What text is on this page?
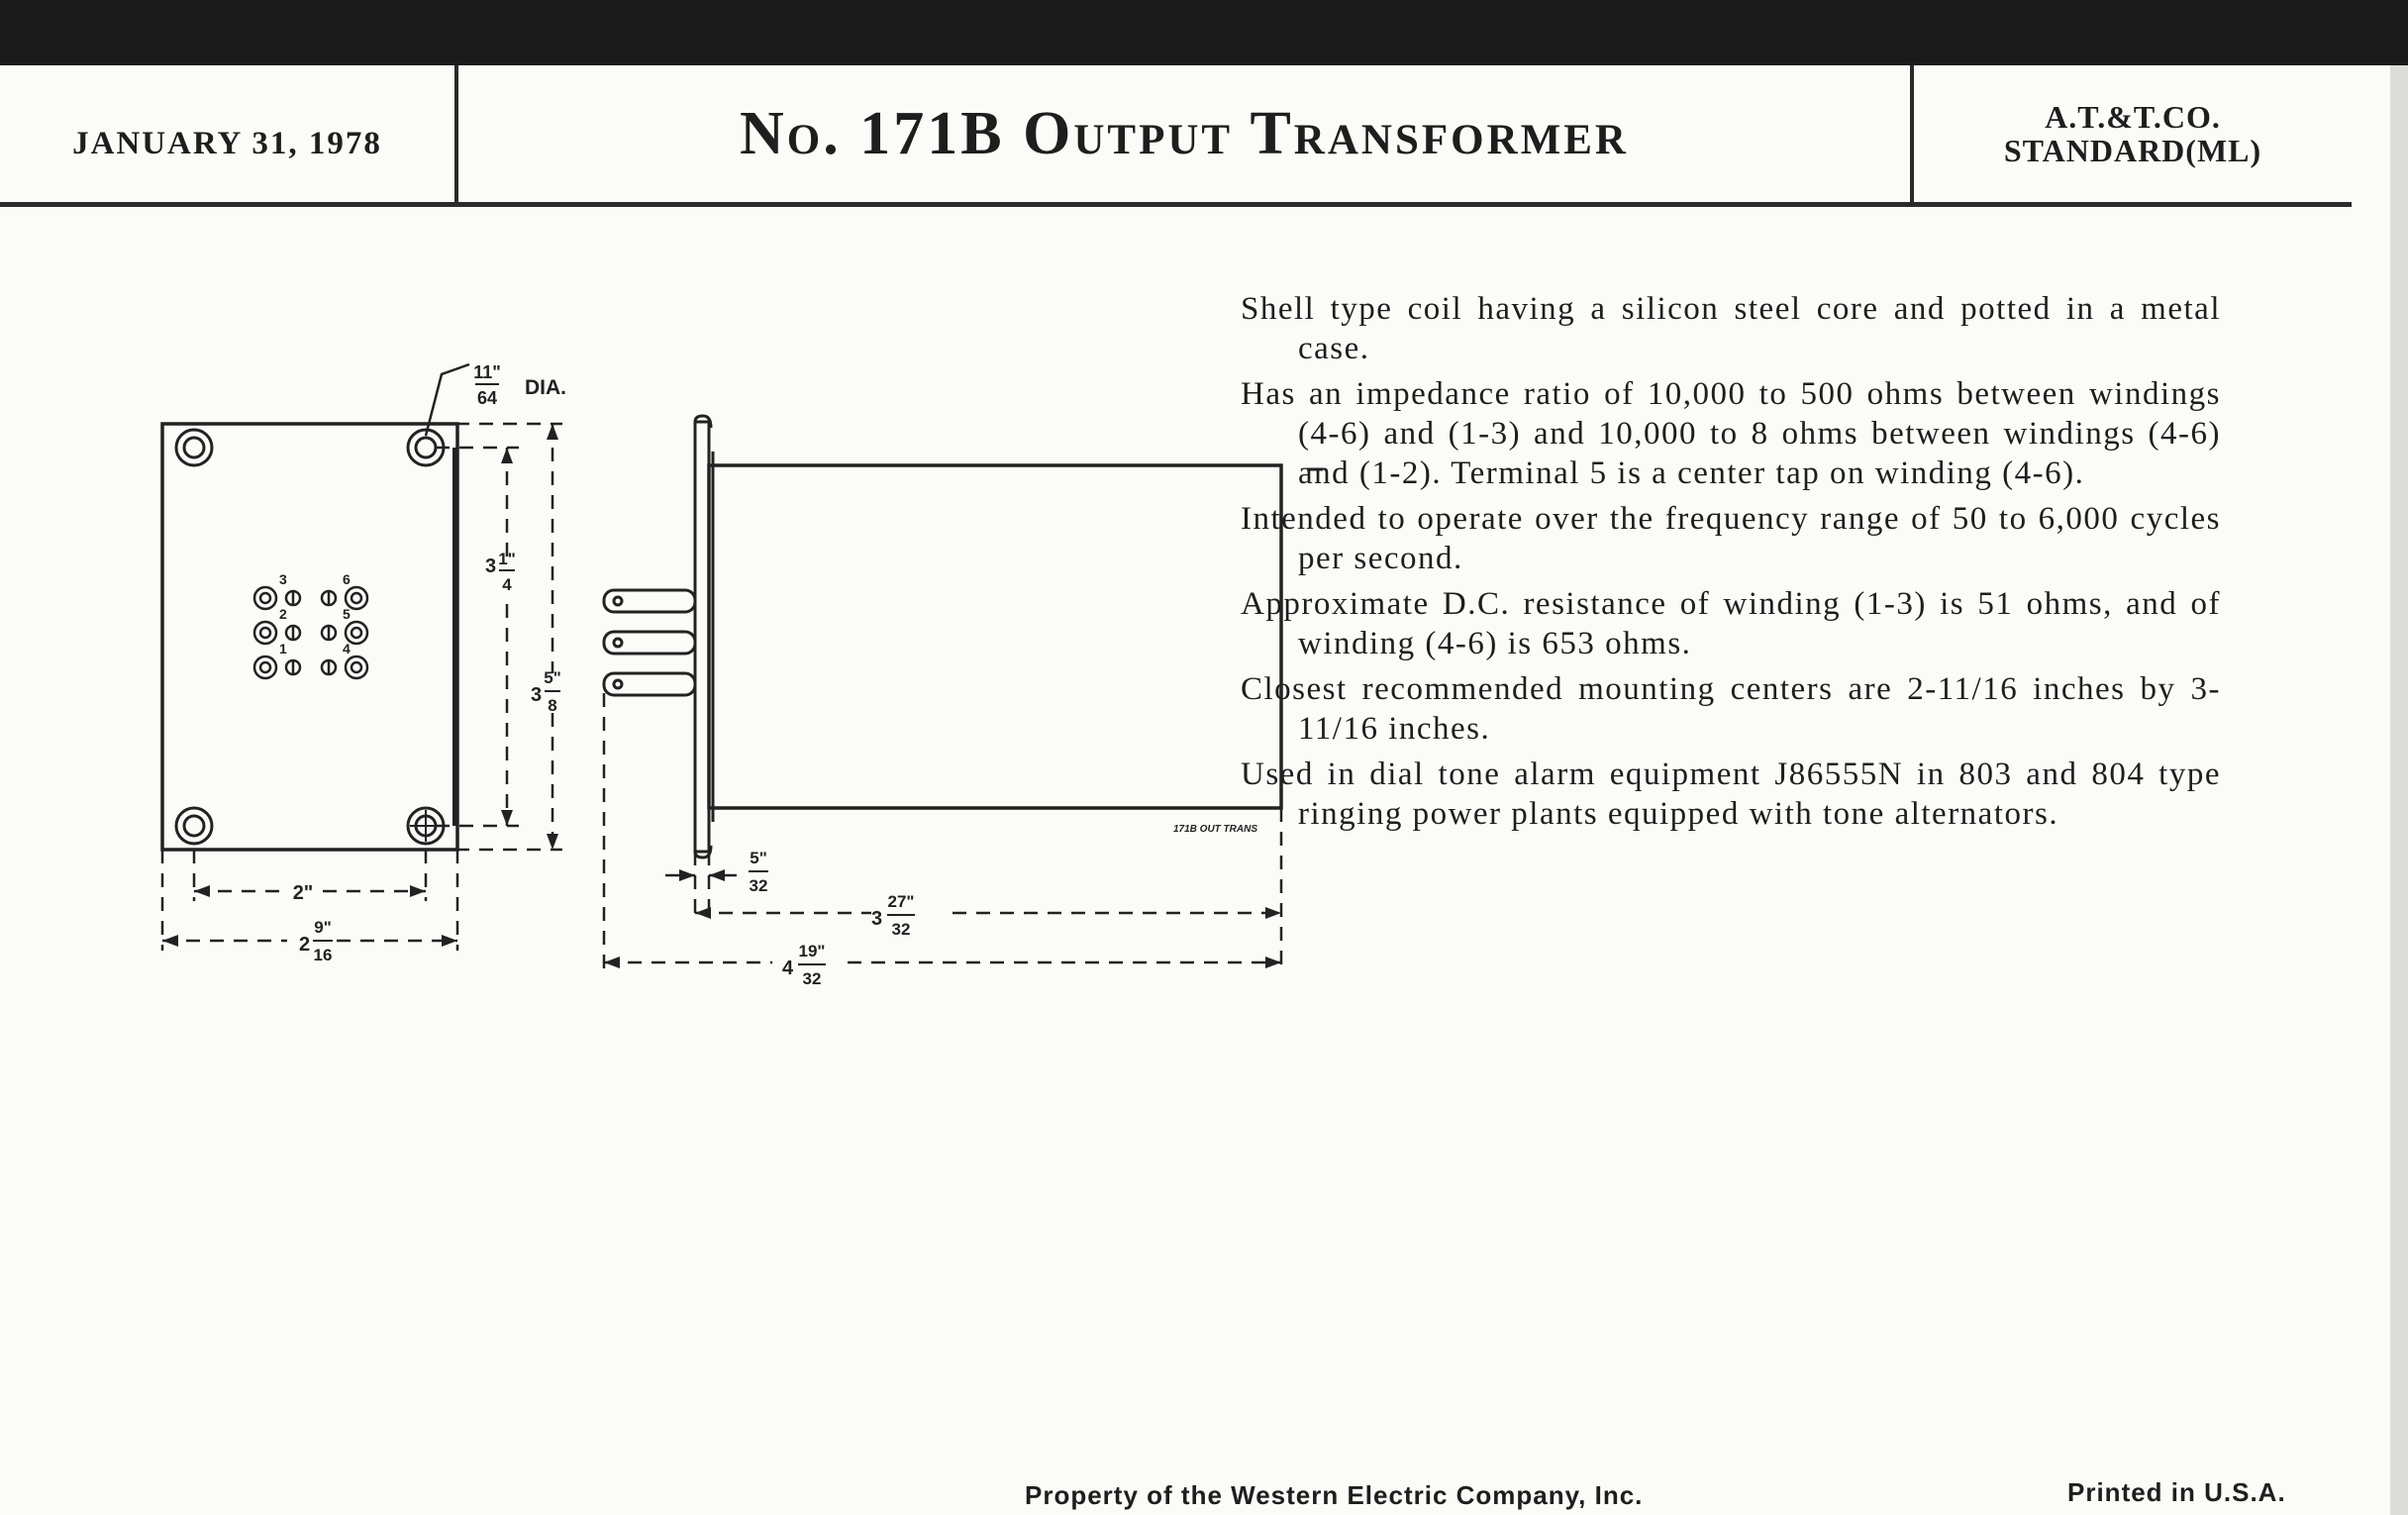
JANUARY 31, 1978	No. 171B Output Transformer	A.T.&T.CO.
STANDARD(ML)

Shell type coil having a silicon steel core and potted in a metal case.

Has an impedance ratio of 10,000 to 500 ohms between windings (4-6) and (1-3) and 10,000 to 8 ohms between windings (4-6) and (1-2). Terminal 5 is a center tap on winding (4-6).

Intended to operate over the frequency range of 50 to 6,000 cycles per second.

Approximate D.C. resistance of winding (1-3) is 51 ohms, and of winding (4-6) is 653 ohms.

Closest recommended mounting centers are 2-11/16 inches by 3-11/16 inches.

Used in dial tone alarm equipment J86555N in 803 and 804 type ringing power plants equipped with tone alternators.

3	6
2	5
1	4
11"
64 DIA.
3 1"
4
3
5"
8
2"
2
9"
16
171B OUT TRANS
5"
32
3
27"
32
4
19"
32
Property of the Western Electric Company, Inc.	Printed in U.S.A.
